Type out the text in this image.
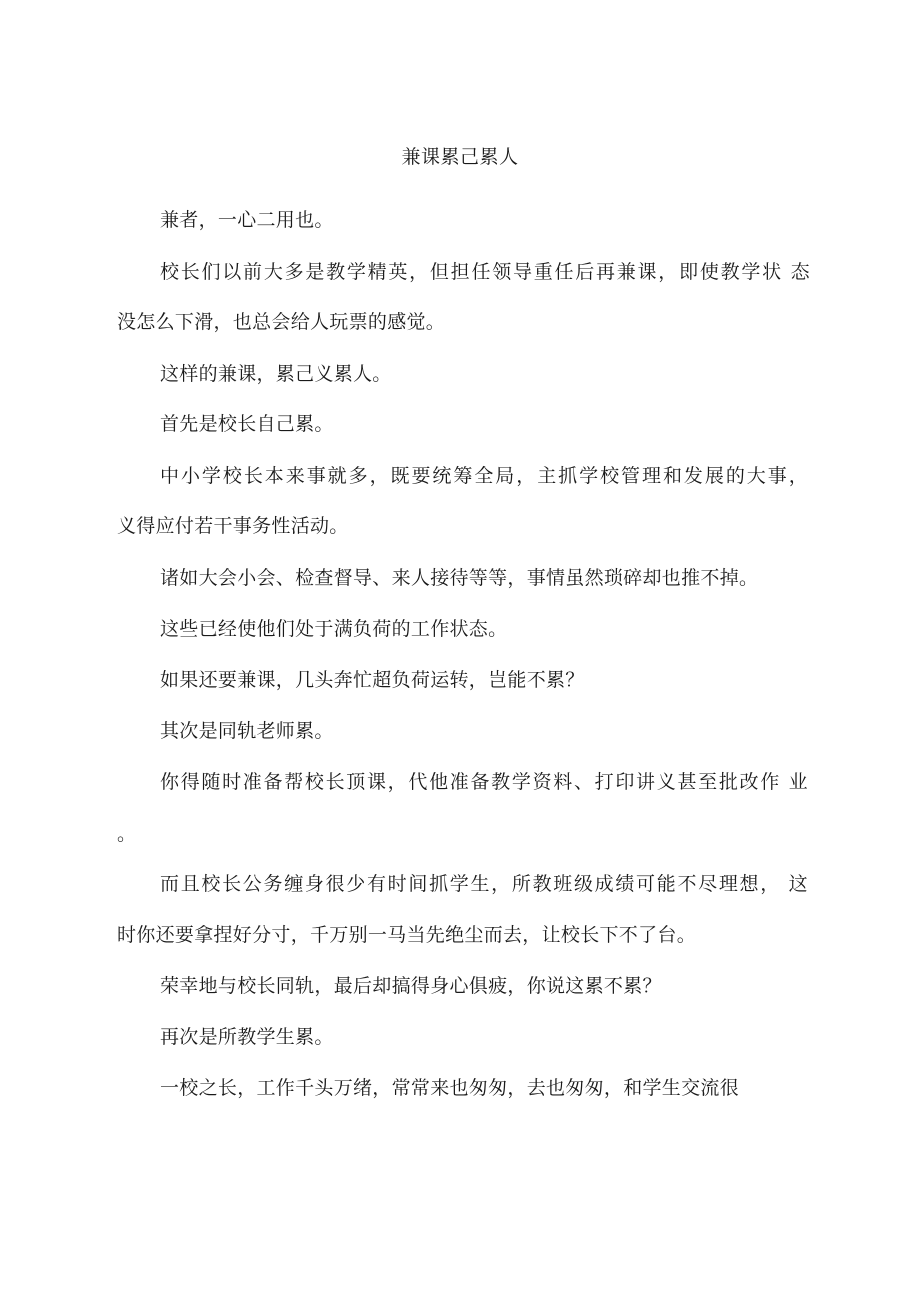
兼课累己累人
兼者，一心二用也。
校长们以前大多是教学精英，但担任领导重任后再兼课，即使教学状 态
没怎么下滑，也总会给人玩票的感觉。
这样的兼课，累己义累人。
首先是校长自己累。
中小学校长本来事就多，既要统筹全局，主抓学校管理和发展的大事，
义得应付若干事务性活动。
诸如大会小会、检查督导、来人接待等等，事情虽然琐碎却也推不掉。
这些已经使他们处于满负荷的工作状态。
如果还要兼课，几头奔忙超负荷运转，岂能不累？
其次是同轨老师累。
你得随时准备帮校长顶课，代他准备教学资料、打印讲义甚至批改作 业
。
而且校长公务缠身很少有时间抓学生，所教班级成绩可能不尽理想， 这
时你还要拿捏好分寸，千万别一马当先绝尘而去，让校长下不了台。
荣幸地与校长同轨，最后却搞得身心俱疲，你说这累不累？
再次是所教学生累。
一校之长，工作千头万绪，常常来也匆匆，去也匆匆，和学生交流很
